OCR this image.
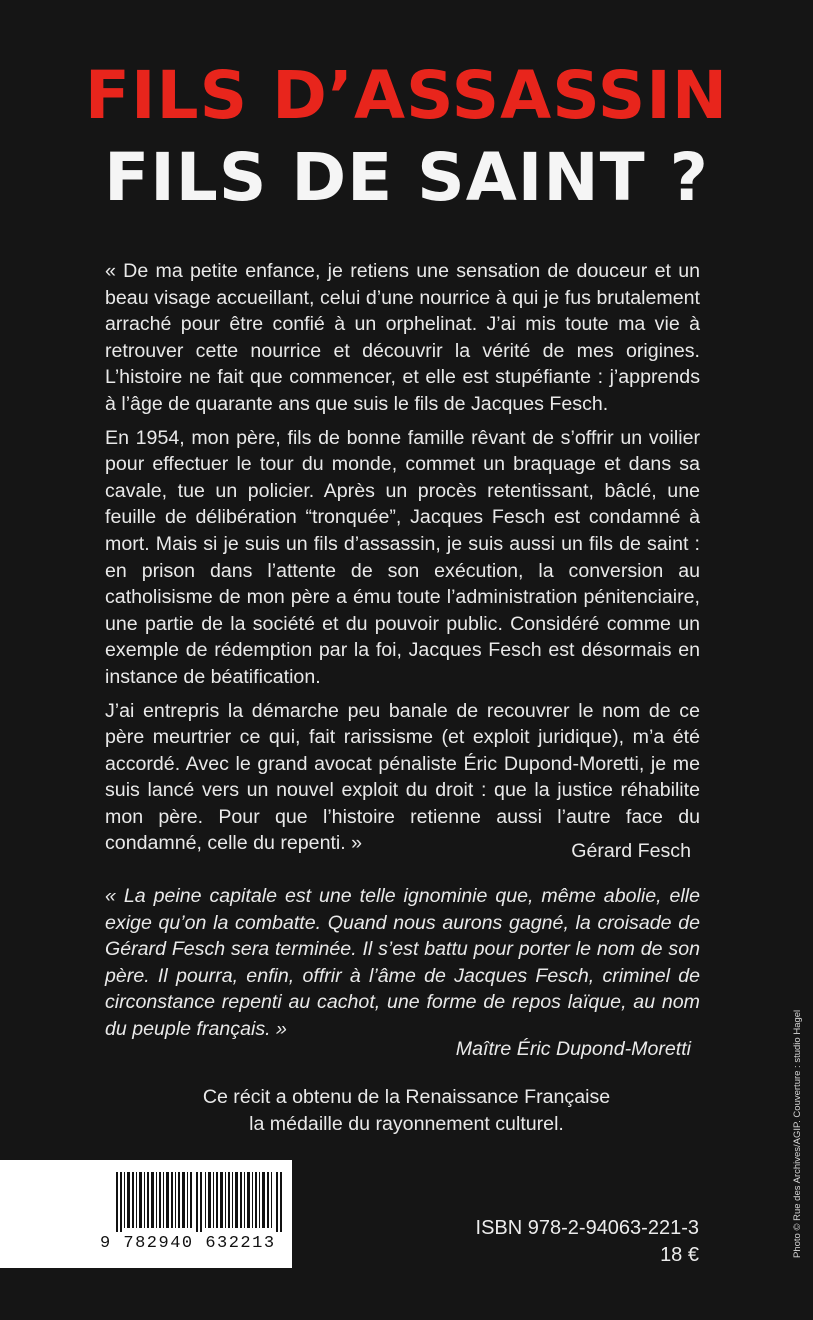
FILS D’ASSASSIN
FILS DE SAINT ?

« De ma petite enfance, je retiens une sensation de douceur et un beau visage accueillant, celui d’une nourrice à qui je fus brutalement arraché pour être confié à un orphelinat. J’ai mis toute ma vie à retrouver cette nourrice et découvrir la vérité de mes origines. L’histoire ne fait que commencer, et elle est stupéfiante : j’apprends à l’âge de quarante ans que suis le fils de Jacques Fesch.

En 1954, mon père, fils de bonne famille rêvant de s’offrir un voilier pour effectuer le tour du monde, commet un braquage et dans sa cavale, tue un policier. Après un procès retentissant, bâclé, une feuille de délibération “tronquée”, Jacques Fesch est condamné à mort. Mais si je suis un fils d’assassin, je suis aussi un fils de saint : en prison dans l’attente de son exécution, la conversion au catholisisme de mon père a ému toute l’administration pénitenciaire, une partie de la société et du pouvoir public. Considéré comme un exemple de rédemption par la foi, Jacques Fesch est désormais en instance de béatification.

J’ai entrepris la démarche peu banale de recouvrer le nom de ce père meurtrier ce qui, fait rarissisme (et exploit juridique), m’a été accordé. Avec le grand avocat pénaliste Éric Dupond-Moretti, je me suis lancé vers un nouvel exploit du droit : que la justice réhabilite mon père. Pour que l’histoire retienne aussi l’autre face du condamné, celle du repenti. »	Gérard Fesch
« La peine capitale est une telle ignominie que, même abolie, elle exige qu’on la combatte. Quand nous aurons gagné, la croisade de Gérard Fesch sera terminée. Il s’est battu pour porter le nom de son père. Il pourra, enfin, offrir à l’âme de Jacques Fesch, criminel de circonstance repenti au cachot, une forme de repos laïque, au nom du peuple français. »
Maître Éric Dupond-Moretti
Ce récit a obtenu de la Renaissance Française
la médaille du rayonnement culturel.
9 782940 632213
ISBN 978-2-94063-221-3
18 €	Photo © Rue des Archives/AGIP. Couverture : studio Hagel
